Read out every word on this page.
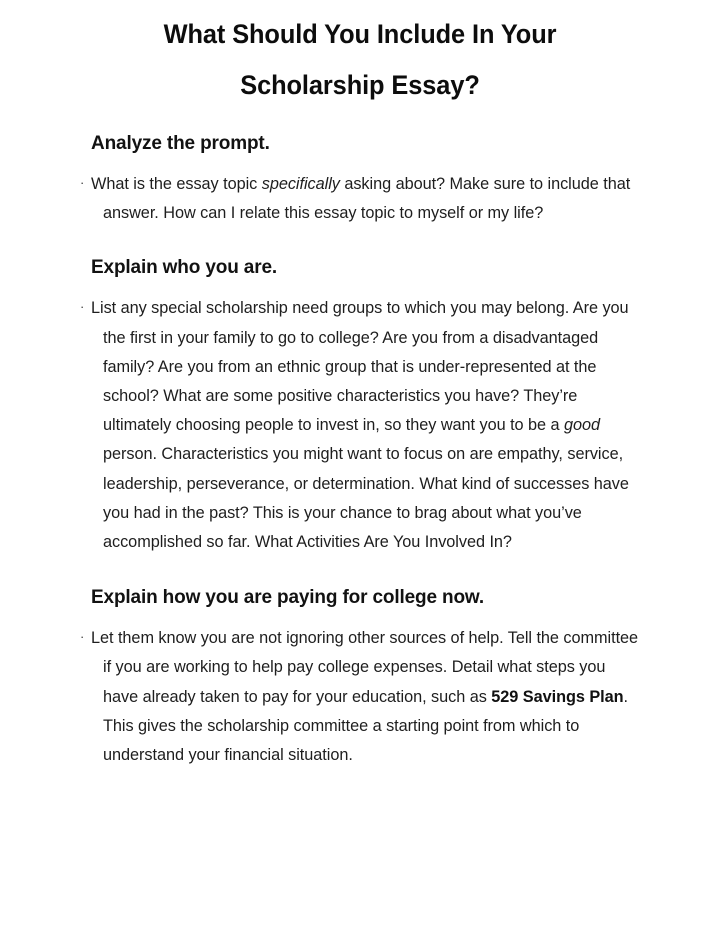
What Should You Include In Your
Scholarship Essay?
Analyze the prompt.
· What is the essay topic specifically asking about? Make sure to include that answer. How can I relate this essay topic to myself or my life?
Explain who you are.
· List any special scholarship need groups to which you may belong. Are you the first in your family to go to college? Are you from a disadvantaged family? Are you from an ethnic group that is under-represented at the school? What are some positive characteristics you have? They’re ultimately choosing people to invest in, so they want you to be a good person. Characteristics you might want to focus on are empathy, service, leadership, perseverance, or determination. What kind of successes have you had in the past? This is your chance to brag about what you’ve accomplished so far. What Activities Are You Involved In?
Explain how you are paying for college now.
· Let them know you are not ignoring other sources of help. Tell the committee if you are working to help pay college expenses. Detail what steps you have already taken to pay for your education, such as 529 Savings Plan. This gives the scholarship committee a starting point from which to understand your financial situation.
